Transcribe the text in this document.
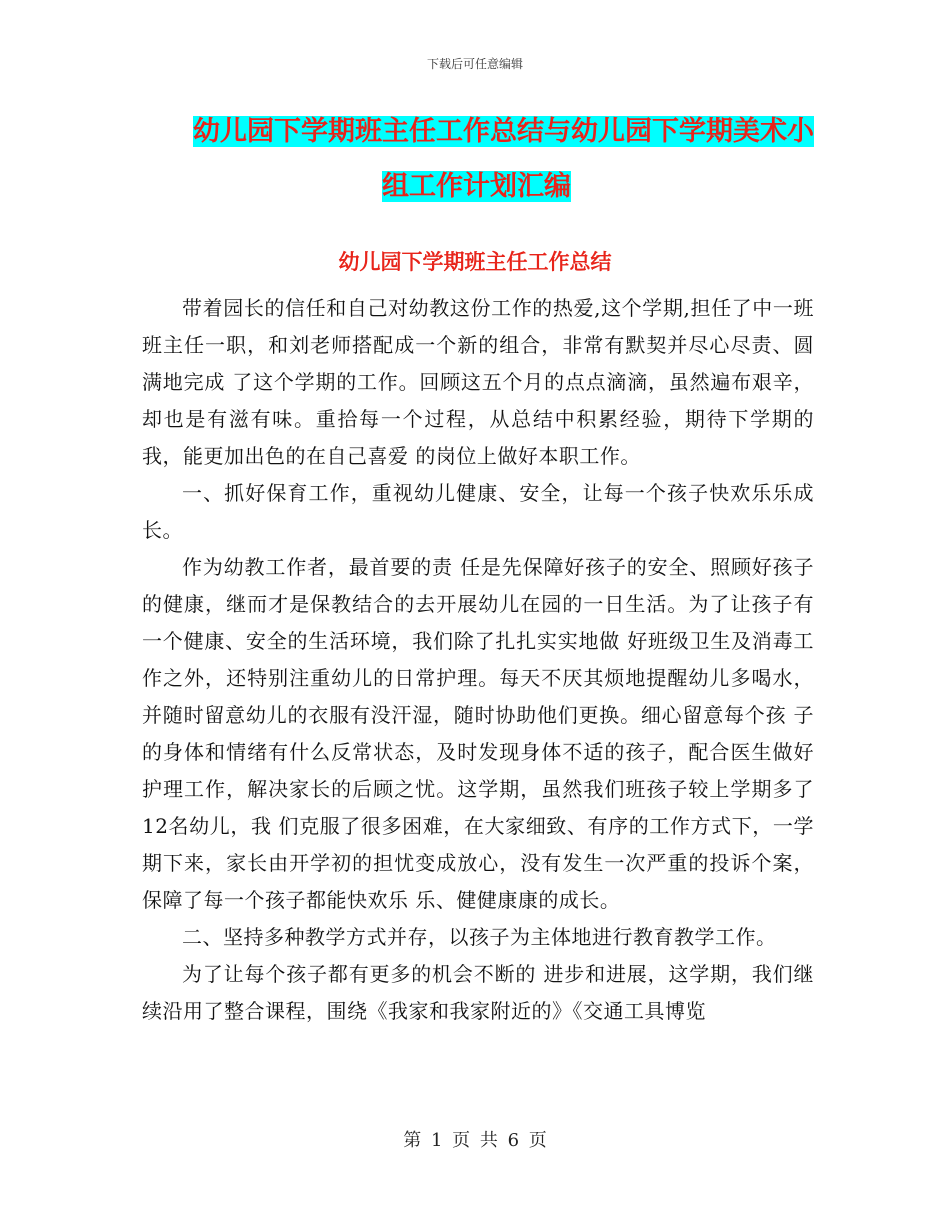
下载后可任意编辑
幼儿园下学期班主任工作总结与幼儿园下学期美术小
组工作计划汇编
幼儿园下学期班主任工作总结

带着园长的信任和自己对幼教这份工作的热爱,这个学期,担任了中一班班主任一职，和刘老师搭配成一个新的组合，非常有默契并尽心尽责、圆满地完成 了这个学期的工作。回顾这五个月的点点滴滴，虽然遍布艰辛，却也是有滋有味。重拾每一个过程，从总结中积累经验，期待下学期的我，能更加出色的在自己喜爱 的岗位上做好本职工作。

一、抓好保育工作，重视幼儿健康、安全，让每一个孩子快欢乐乐成长。

作为幼教工作者，最首要的责 任是先保障好孩子的安全、照顾好孩子的健康，继而才是保教结合的去开展幼儿在园的一日生活。为了让孩子有一个健康、安全的生活环境，我们除了扎扎实实地做 好班级卫生及消毒工作之外，还特别注重幼儿的日常护理。每天不厌其烦地提醒幼儿多喝水，并随时留意幼儿的衣服有没汗湿，随时协助他们更换。细心留意每个孩 子的身体和情绪有什么反常状态，及时发现身体不适的孩子，配合医生做好护理工作，解决家长的后顾之忧。这学期，虽然我们班孩子较上学期多了12名幼儿，我 们克服了很多困难，在大家细致、有序的工作方式下，一学期下来，家长由开学初的担忧变成放心，没有发生一次严重的投诉个案，保障了每一个孩子都能快欢乐 乐、健健康康的成长。

二、坚持多种教学方式并存，以孩子为主体地进行教育教学工作。

为了让每个孩子都有更多的机会不断的 进步和进展，这学期，我们继续沿用了整合课程，围绕《我家和我家附近的》《交通工具博览

第 1 页 共 6 页
